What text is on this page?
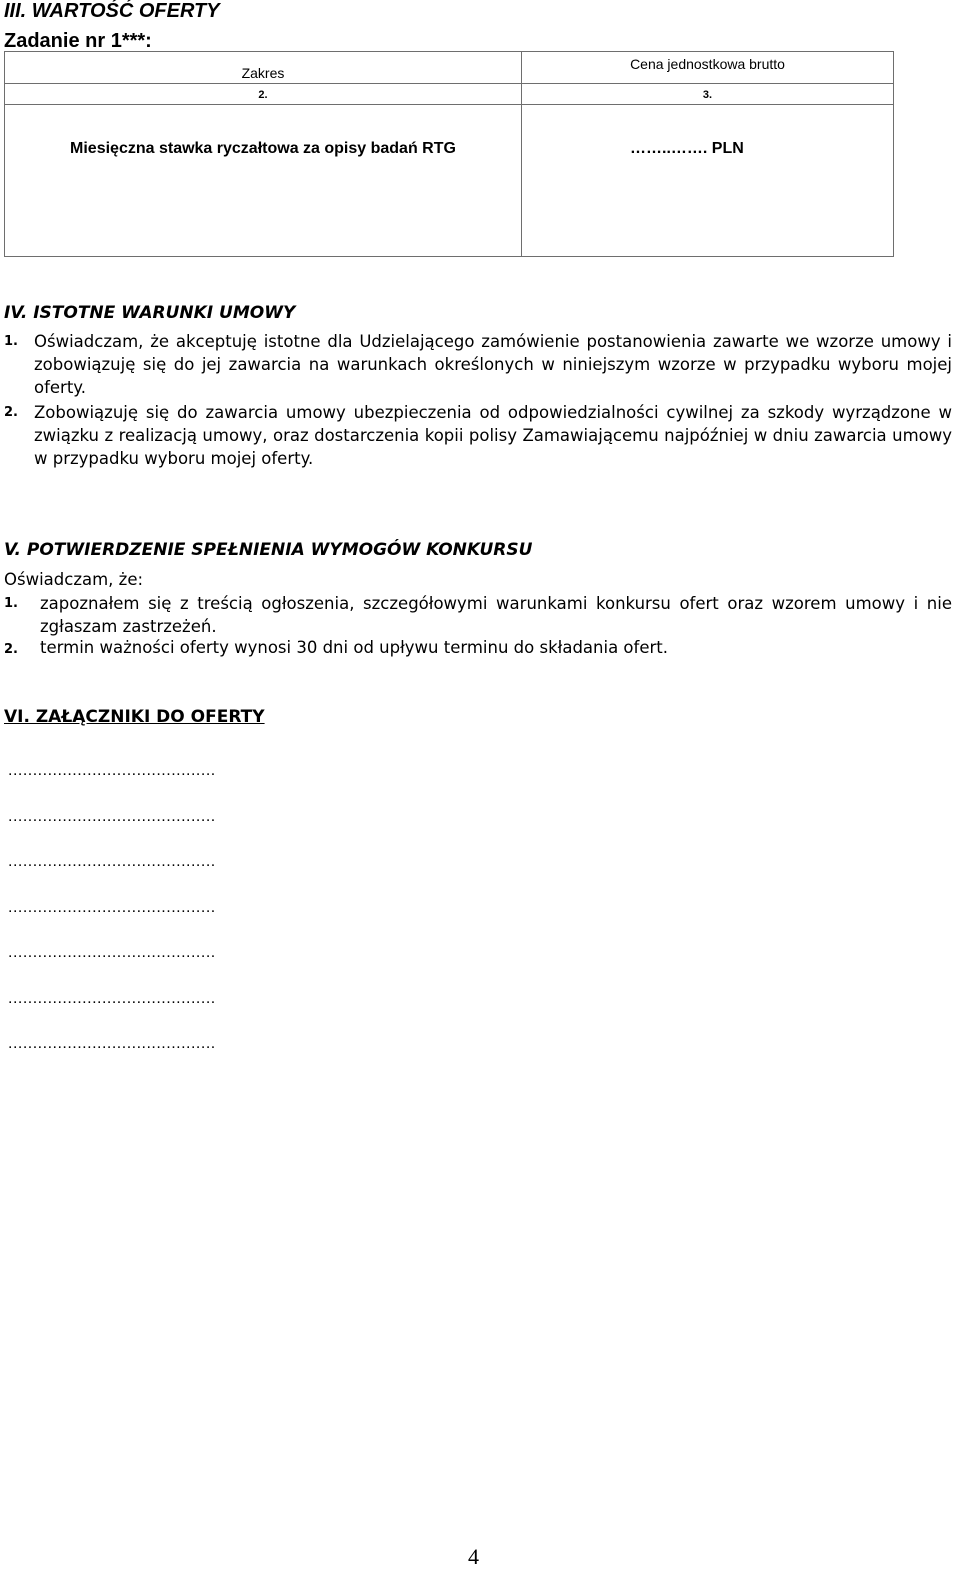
III. WARTOŚĆ OFERTY
Zadanie nr 1***:
Zakres	Cena jednostkowa brutto
2.	3.

Miesięczna stawka ryczałtowa za opisy badań RTG	……..……. PLN
IV. ISTOTNE WARUNKI UMOWY
1. Oświadczam, że akceptuję istotne dla Udzielającego zamówienie postanowienia zawarte we wzorze umowy i zobowiązuję się do jej zawarcia na warunkach określonych w niniejszym wzorze w przypadku wyboru mojej oferty.
2. Zobowiązuję się do zawarcia umowy ubezpieczenia od odpowiedzialności cywilnej za szkody wyrządzone w związku z realizacją umowy, oraz dostarczenia kopii polisy Zamawiającemu najpóźniej w dniu zawarcia umowy w przypadku wyboru mojej oferty.
V. POTWIERDZENIE SPEŁNIENIA WYMOGÓW KONKURSU
Oświadczam, że:
1. zapoznałem się z treścią ogłoszenia, szczegółowymi warunkami konkursu ofert oraz wzorem umowy i nie zgłaszam zastrzeżeń.
2. termin ważności oferty wynosi 30 dni od upływu terminu do składania ofert.
VI. ZAŁĄCZNIKI DO OFERTY
..........................................
..........................................
..........................................
..........................................
..........................................
..........................................
..........................................
4
